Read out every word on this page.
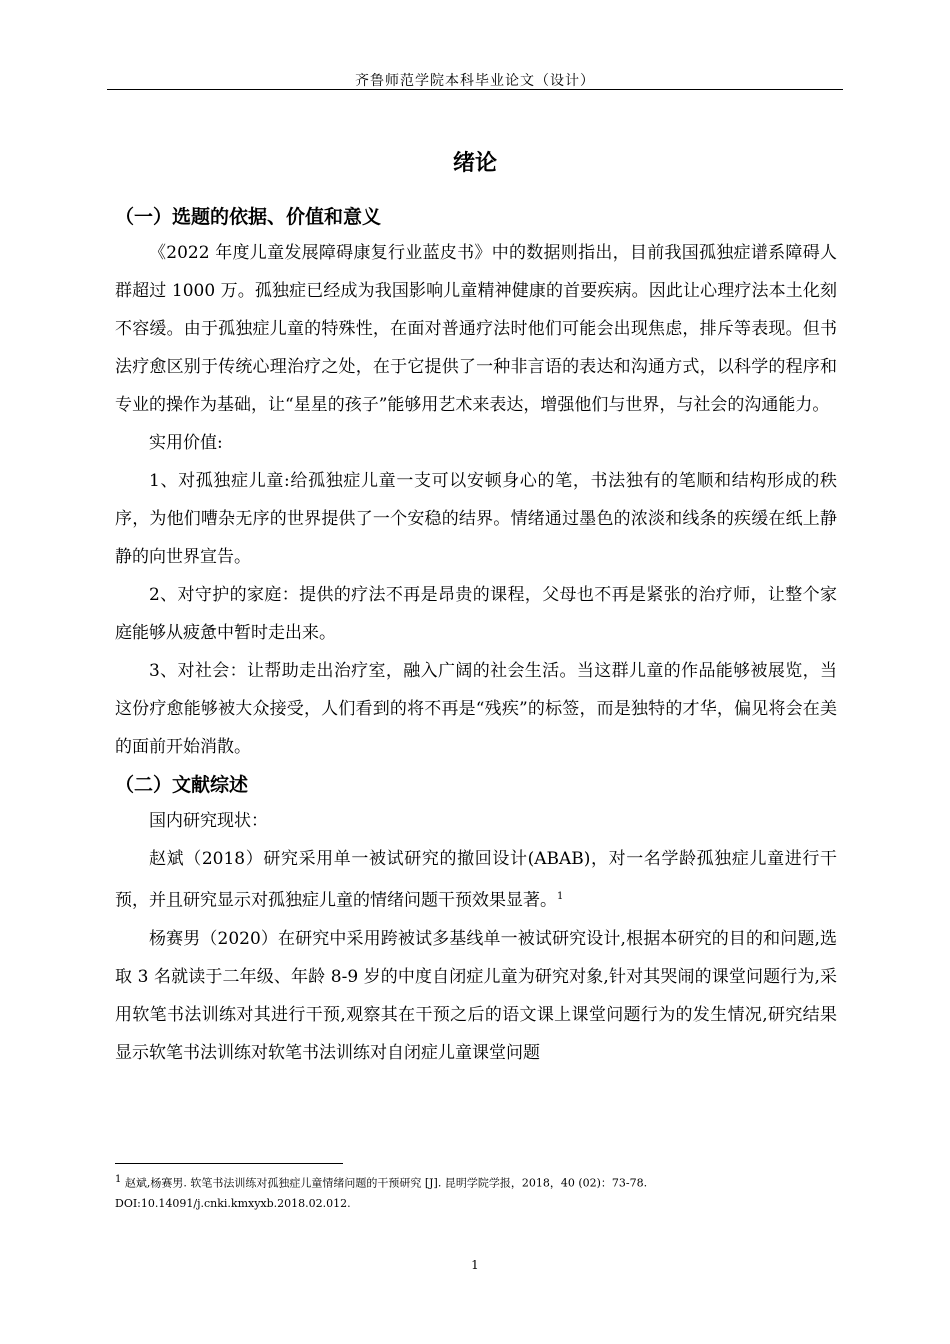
齐鲁师范学院本科毕业论文（设计）
绪论
（一）选题的依据、价值和意义

《2022 年度儿童发展障碍康复行业蓝皮书》中的数据则指出，目前我国孤独症谱系障碍人群超过 1000 万。孤独症已经成为我国影响儿童精神健康的首要疾病。因此让心理疗法本土化刻不容缓。由于孤独症儿童的特殊性，在面对普通疗法时他们可能会出现焦虑，排斥等表现。但书法疗愈区别于传统心理治疗之处，在于它提供了一种非言语的表达和沟通方式，以科学的程序和专业的操作为基础，让“星星的孩子”能够用艺术来表达，增强他们与世界，与社会的沟通能力。

实用价值:

1、对孤独症儿童:给孤独症儿童一支可以安顿身心的笔，书法独有的笔顺和结构形成的秩序，为他们嘈杂无序的世界提供了一个安稳的结界。情绪通过墨色的浓淡和线条的疾缓在纸上静静的向世界宣告。

2、对守护的家庭：提供的疗法不再是昂贵的课程，父母也不再是紧张的治疗师，让整个家庭能够从疲惫中暂时走出来。

3、对社会：让帮助走出治疗室，融入广阔的社会生活。当这群儿童的作品能够被展览，当这份疗愈能够被大众接受，人们看到的将不再是“残疾”的标签，而是独特的才华，偏见将会在美的面前开始消散。

（二）文献综述

国内研究现状：

赵斌（2018）研究采用单一被试研究的撤回设计(ABAB)，对一名学龄孤独症儿童进行干预，并且研究显示对孤独症儿童的情绪问题干预效果显著。$^1$

杨赛男（2020）在研究中采用跨被试多基线单一被试研究设计,根据本研究的目的和问题,选取 3 名就读于二年级、年龄 8-9 岁的中度自闭症儿童为研究对象,针对其哭闹的课堂问题行为,采用软笔书法训练对其进行干预,观察其在干预之后的语文课上课堂问题行为的发生情况,研究结果显示软笔书法训练对软笔书法训练对自闭症儿童课堂问题

$^1$ 赵斌,杨赛男. 软笔书法训练对孤独症儿童情绪问题的干预研究 [J]. 昆明学院学报，2018，40 (02)：73-78.
DOI:10.14091/j.cnki.kmxyxb.2018.02.012.
1
